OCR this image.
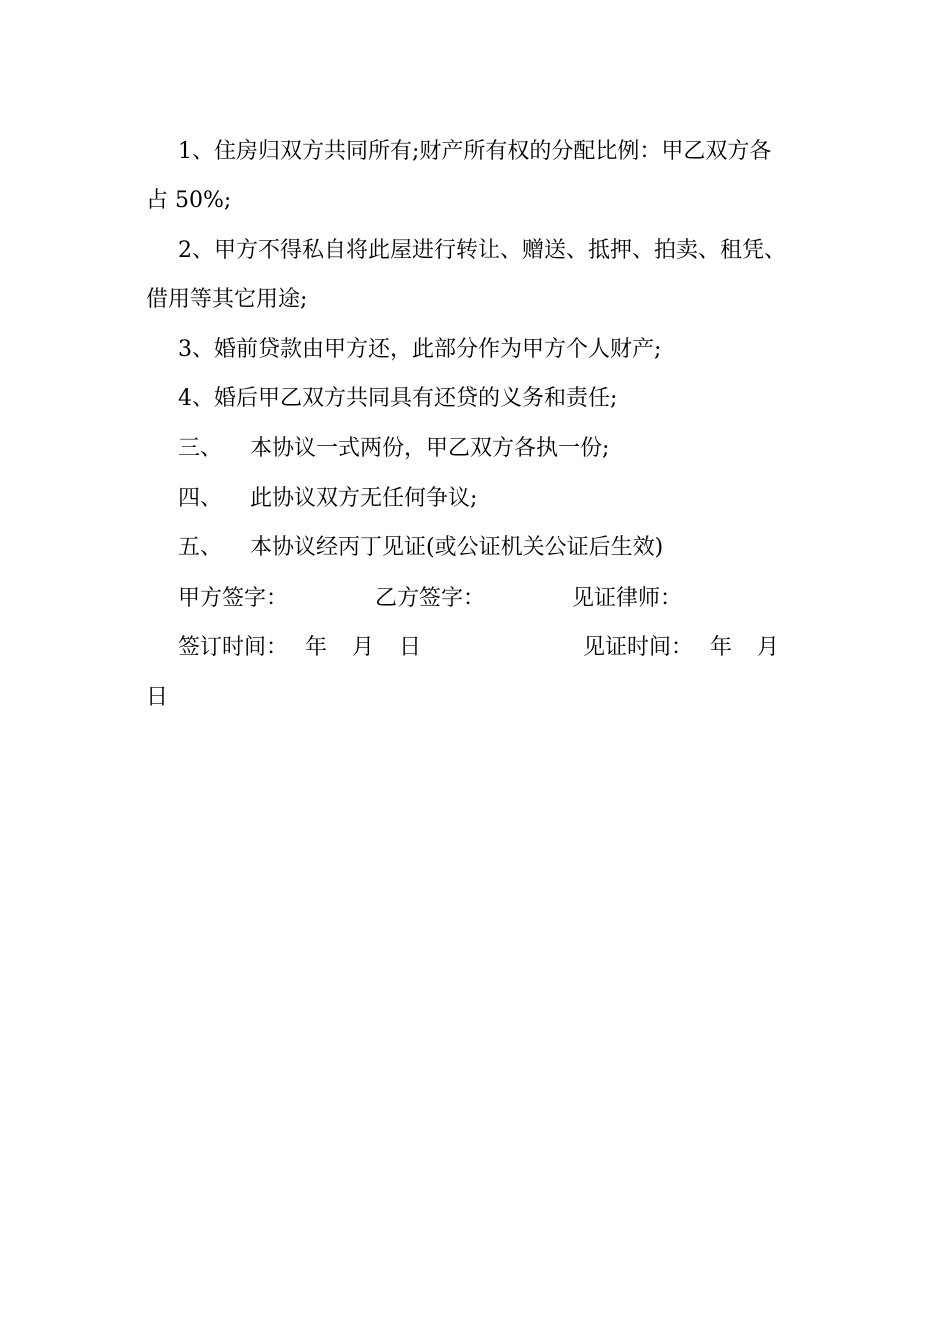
1、住房归双方共同所有;财产所有权的分配比例：甲乙双方各
占 50%;
2、甲方不得私自将此屋进行转让、赠送、抵押、拍卖、租凭、
借用等其它用途;
3、婚前贷款由甲方还，此部分作为甲方个人财产;
4、婚后甲乙双方共同具有还贷的义务和责任;
三、 本协议一式两份，甲乙双方各执一份;
四、 此协议双方无任何争议;
五、 本协议经丙丁见证(或公证机关公证后生效)
甲方签字：	乙方签字：	见证律师：
签订时间： 年 月 日	见证时间： 年 月
日
